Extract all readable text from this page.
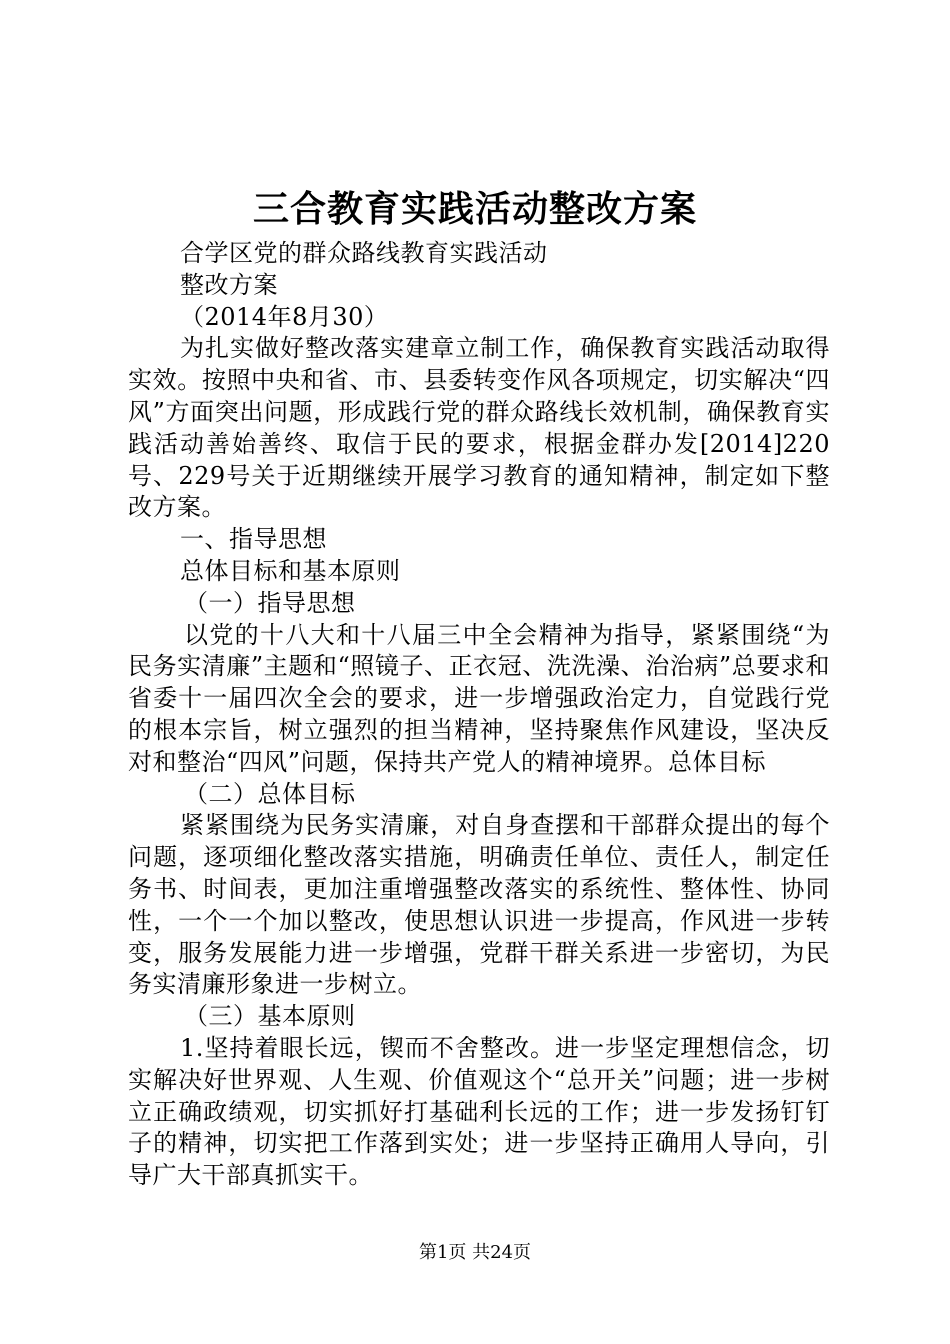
三合教育实践活动整改方案

合学区党的群众路线教育实践活动

整改方案

（2014年8月30）

为扎实做好整改落实建章立制工作，确保教育实践活动取得实效。按照中央和省、市、县委转变作风各项规定，切实解决“四风”方面突出问题，形成践行党的群众路线长效机制，确保教育实践活动善始善终、取信于民的要求，根据金群办发[2014]220号、229号关于近期继续开展学习教育的通知精神，制定如下整改方案。

一、指导思想

总体目标和基本原则

（一）指导思想

以党的十八大和十八届三中全会精神为指导，紧紧围绕“为民务实清廉”主题和“照镜子、正衣冠、洗洗澡、治治病”总要求和省委十一届四次全会的要求，进一步增强政治定力，自觉践行党的根本宗旨，树立强烈的担当精神，坚持聚焦作风建设，坚决反对和整治“四风”问题，保持共产党人的精神境界。总体目标

（二）总体目标

紧紧围绕为民务实清廉，对自身查摆和干部群众提出的每个问题，逐项细化整改落实措施，明确责任单位、责任人，制定任务书、时间表，更加注重增强整改落实的系统性、整体性、协同性，一个一个加以整改，使思想认识进一步提高，作风进一步转变，服务发展能力进一步增强，党群干群关系进一步密切，为民务实清廉形象进一步树立。

（三）基本原则

1.坚持着眼长远，锲而不舍整改。进一步坚定理想信念，切实解决好世界观、人生观、价值观这个“总开关”问题；进一步树立正确政绩观，切实抓好打基础利长远的工作；进一步发扬钉钉子的精神，切实把工作落到实处；进一步坚持正确用人导向，引导广大干部真抓实干。

第1页 共24页
